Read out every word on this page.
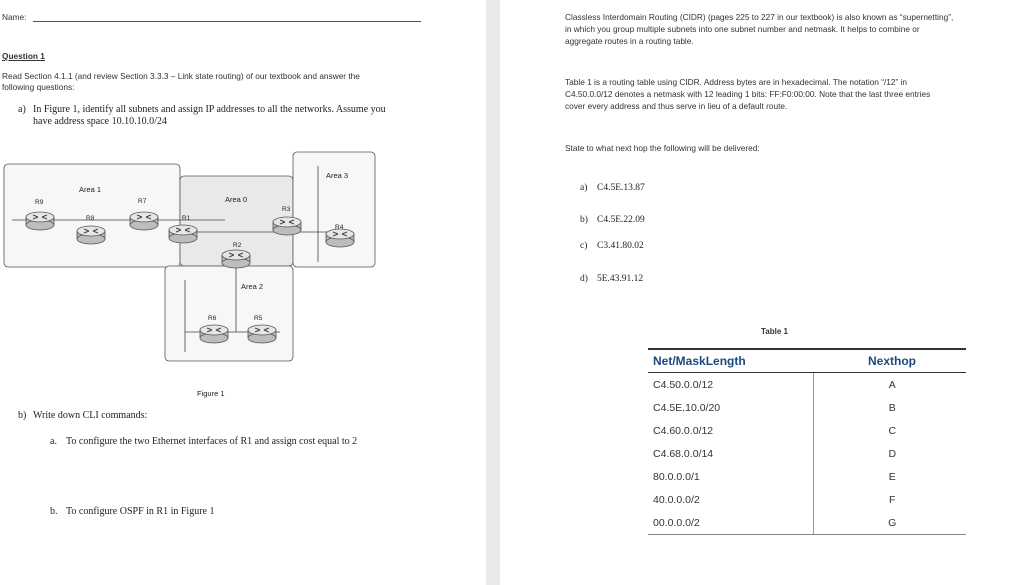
Name:

Question 1

Read Section 4.1.1 (and review Section 3.3.3 – Link state routing) of our textbook and answer the

following questions:

a) In Figure 1, identify all subnets and assign IP addresses to all the networks. Assume you

have address space 10.10.10.0/24

Area 1
Area 0
Area 3
Area 2
R9
R8
R7
R1
R3
R2
R4
R6	R5
Figure 1

b) Write down CLI commands:

a. To configure the two Ethernet interfaces of R1 and assign cost equal to 2

b. To configure OSPF in R1 in Figure 1

Classless Interdomain Routing (CIDR) (pages 225 to 227 in our textbook) is also known as “supernetting”,

in which you group multiple subnets into one subnet number and netmask. It helps to combine or

aggregate routes in a routing table.

Table 1 is a routing table using CIDR. Address bytes are in hexadecimal. The notation “/12” in

C4.50.0.0/12 denotes a netmask with 12 leading 1 bits: FF:F0:00:00. Note that the last three entries

cover every address and thus serve in lieu of a default route.

State to what next hop the following will be delivered:

a) C4.5E.13.87

b) C4.5E.22.09

c) C3.41.80.02

d) 5E.43.91.12

Table 1

Net/MaskLength	Nexthop
C4.50.0.0/12	A
C4.5E.10.0/20	B
C4.60.0.0/12	C
C4.68.0.0/14	D
80.0.0.0/1	E
40.0.0.0/2	F
00.0.0.0/2	G
